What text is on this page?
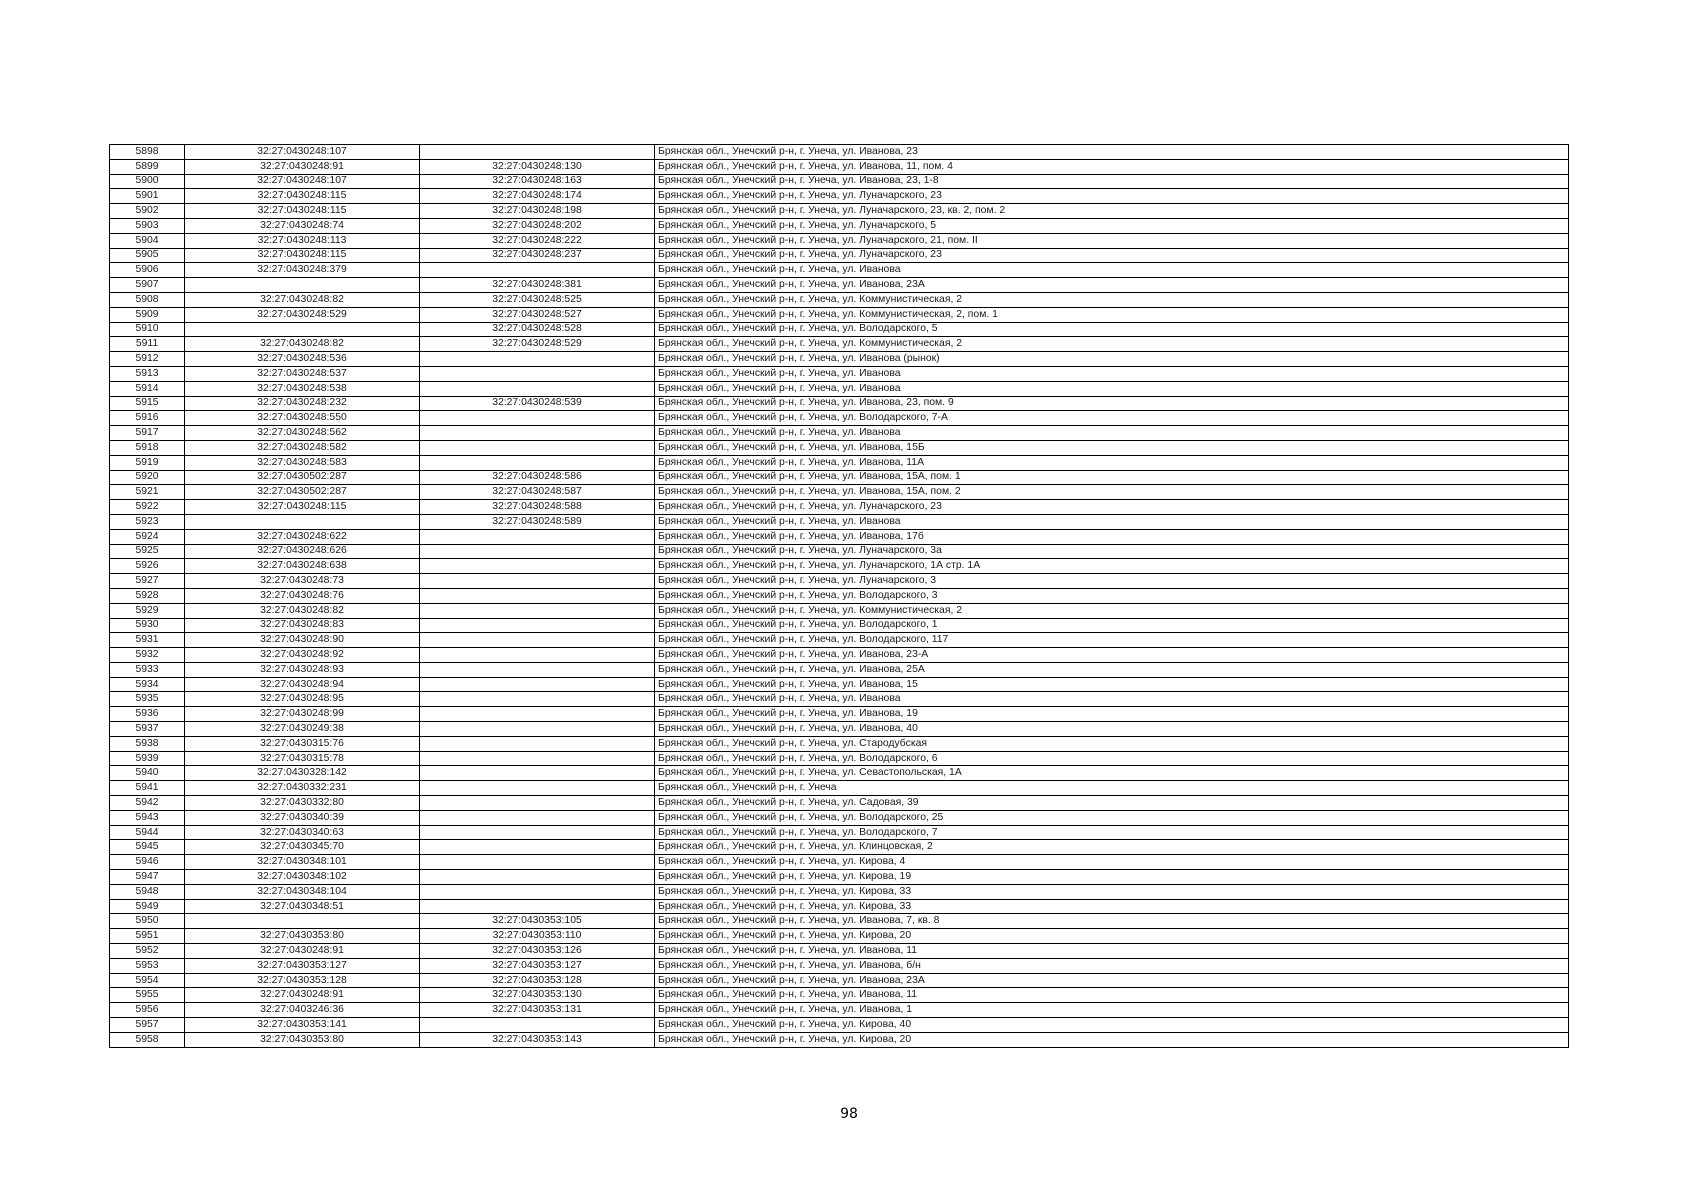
5898	32:27:0430248:107		Брянская обл., Унечский р-н, г. Унеча, ул. Иванова, 23
5899	32:27:0430248:91	32:27:0430248:130	Брянская обл., Унечский р-н, г. Унеча, ул. Иванова, 11, пом. 4
5900	32:27:0430248:107	32:27:0430248:163	Брянская обл., Унечский р-н, г. Унеча, ул. Иванова, 23, 1-8
5901	32:27:0430248:115	32:27:0430248:174	Брянская обл., Унечский р-н, г. Унеча, ул. Луначарского, 23
5902	32:27:0430248:115	32:27:0430248:198	Брянская обл., Унечский р-н, г. Унеча, ул. Луначарского, 23, кв. 2, пом. 2
5903	32:27:0430248:74	32:27:0430248:202	Брянская обл., Унечский р-н, г. Унеча, ул. Луначарского, 5
5904	32:27:0430248:113	32:27:0430248:222	Брянская обл., Унечский р-н, г. Унеча, ул. Луначарского, 21, пом. II
5905	32:27:0430248:115	32:27:0430248:237	Брянская обл., Унечский р-н, г. Унеча, ул. Луначарского, 23
5906	32:27:0430248:379		Брянская обл., Унечский р-н, г. Унеча, ул. Иванова
5907		32:27:0430248:381	Брянская обл., Унечский р-н, г. Унеча, ул. Иванова, 23А
5908	32:27:0430248:82	32:27:0430248:525	Брянская обл., Унечский р-н, г. Унеча, ул. Коммунистическая, 2
5909	32:27:0430248:529	32:27:0430248:527	Брянская обл., Унечский р-н, г. Унеча, ул. Коммунистическая, 2, пом. 1
5910		32:27:0430248:528	Брянская обл., Унечский р-н, г. Унеча, ул. Володарского, 5
5911	32:27:0430248:82	32:27:0430248:529	Брянская обл., Унечский р-н, г. Унеча, ул. Коммунистическая, 2
5912	32:27:0430248:536		Брянская обл., Унечский р-н, г. Унеча, ул. Иванова (рынок)
5913	32:27:0430248:537		Брянская обл., Унечский р-н, г. Унеча, ул. Иванова
5914	32:27:0430248:538		Брянская обл., Унечский р-н, г. Унеча, ул. Иванова
5915	32:27:0430248:232	32:27:0430248:539	Брянская обл., Унечский р-н, г. Унеча, ул. Иванова, 23, пом. 9
5916	32:27:0430248:550		Брянская обл., Унечский р-н, г. Унеча, ул. Володарского, 7-А
5917	32:27:0430248:562		Брянская обл., Унечский р-н, г. Унеча, ул. Иванова
5918	32:27:0430248:582		Брянская обл., Унечский р-н, г. Унеча, ул. Иванова, 15Б
5919	32:27:0430248:583		Брянская обл., Унечский р-н, г. Унеча, ул. Иванова, 11А
5920	32:27:0430502:287	32:27:0430248:586	Брянская обл., Унечский р-н, г. Унеча, ул. Иванова, 15А, пом. 1
5921	32:27:0430502:287	32:27:0430248:587	Брянская обл., Унечский р-н, г. Унеча, ул. Иванова, 15А, пом. 2
5922	32:27:0430248:115	32:27:0430248:588	Брянская обл., Унечский р-н, г. Унеча, ул. Луначарского, 23
5923		32:27:0430248:589	Брянская обл., Унечский р-н, г. Унеча, ул. Иванова
5924	32:27:0430248:622		Брянская обл., Унечский р-н, г. Унеча, ул. Иванова, 17б
5925	32:27:0430248:626		Брянская обл., Унечский р-н, г. Унеча, ул. Луначарского, 3а
5926	32:27:0430248:638		Брянская обл., Унечский р-н, г. Унеча, ул. Луначарского, 1А стр. 1А
5927	32:27:0430248:73		Брянская обл., Унечский р-н, г. Унеча, ул. Луначарского, 3
5928	32:27:0430248:76		Брянская обл., Унечский р-н, г. Унеча, ул. Володарского, 3
5929	32:27:0430248:82		Брянская обл., Унечский р-н, г. Унеча, ул. Коммунистическая, 2
5930	32:27:0430248:83		Брянская обл., Унечский р-н, г. Унеча, ул. Володарского, 1
5931	32:27:0430248:90		Брянская обл., Унечский р-н, г. Унеча, ул. Володарского, 117
5932	32:27:0430248:92		Брянская обл., Унечский р-н, г. Унеча, ул. Иванова, 23-А
5933	32:27:0430248:93		Брянская обл., Унечский р-н, г. Унеча, ул. Иванова, 25А
5934	32:27:0430248:94		Брянская обл., Унечский р-н, г. Унеча, ул. Иванова, 15
5935	32:27:0430248:95		Брянская обл., Унечский р-н, г. Унеча, ул. Иванова
5936	32:27:0430248:99		Брянская обл., Унечский р-н, г. Унеча, ул. Иванова, 19
5937	32:27:0430249:38		Брянская обл., Унечский р-н, г. Унеча, ул. Иванова, 40
5938	32:27:0430315:76		Брянская обл., Унечский р-н, г. Унеча, ул. Стародубская
5939	32:27:0430315:78		Брянская обл., Унечский р-н, г. Унеча, ул. Володарского, 6
5940	32:27:0430328:142		Брянская обл., Унечский р-н, г. Унеча, ул. Севастопольская, 1А
5941	32:27:0430332:231		Брянская обл., Унечский р-н, г. Унеча
5942	32:27:0430332:80		Брянская обл., Унечский р-н, г. Унеча, ул. Садовая, 39
5943	32:27:0430340:39		Брянская обл., Унечский р-н, г. Унеча, ул. Володарского, 25
5944	32:27:0430340:63		Брянская обл., Унечский р-н, г. Унеча, ул. Володарского, 7
5945	32:27:0430345:70		Брянская обл., Унечский р-н, г. Унеча, ул. Клинцовская, 2
5946	32:27:0430348:101		Брянская обл., Унечский р-н, г. Унеча, ул. Кирова, 4
5947	32:27:0430348:102		Брянская обл., Унечский р-н, г. Унеча, ул. Кирова, 19
5948	32:27:0430348:104		Брянская обл., Унечский р-н, г. Унеча, ул. Кирова, 33
5949	32:27:0430348:51		Брянская обл., Унечский р-н, г. Унеча, ул. Кирова, 33
5950		32:27:0430353:105	Брянская обл., Унечский р-н, г. Унеча, ул. Иванова, 7, кв. 8
5951	32:27:0430353:80	32:27:0430353:110	Брянская обл., Унечский р-н, г. Унеча, ул. Кирова, 20
5952	32:27:0430248:91	32:27:0430353:126	Брянская обл., Унечский р-н, г. Унеча, ул. Иванова, 11
5953	32:27:0430353:127	32:27:0430353:127	Брянская обл., Унечский р-н, г. Унеча, ул. Иванова, б/н
5954	32:27:0430353:128	32:27:0430353:128	Брянская обл., Унечский р-н, г. Унеча, ул. Иванова, 23А
5955	32:27:0430248:91	32:27:0430353:130	Брянская обл., Унечский р-н, г. Унеча, ул. Иванова, 11
5956	32:27:0403246:36	32:27:0430353:131	Брянская обл., Унечский р-н, г. Унеча, ул. Иванова, 1
5957	32:27:0430353:141		Брянская обл., Унечский р-н, г. Унеча, ул. Кирова, 40
5958	32:27:0430353:80	32:27:0430353:143	Брянская обл., Унечский р-н, г. Унеча, ул. Кирова, 20
98
